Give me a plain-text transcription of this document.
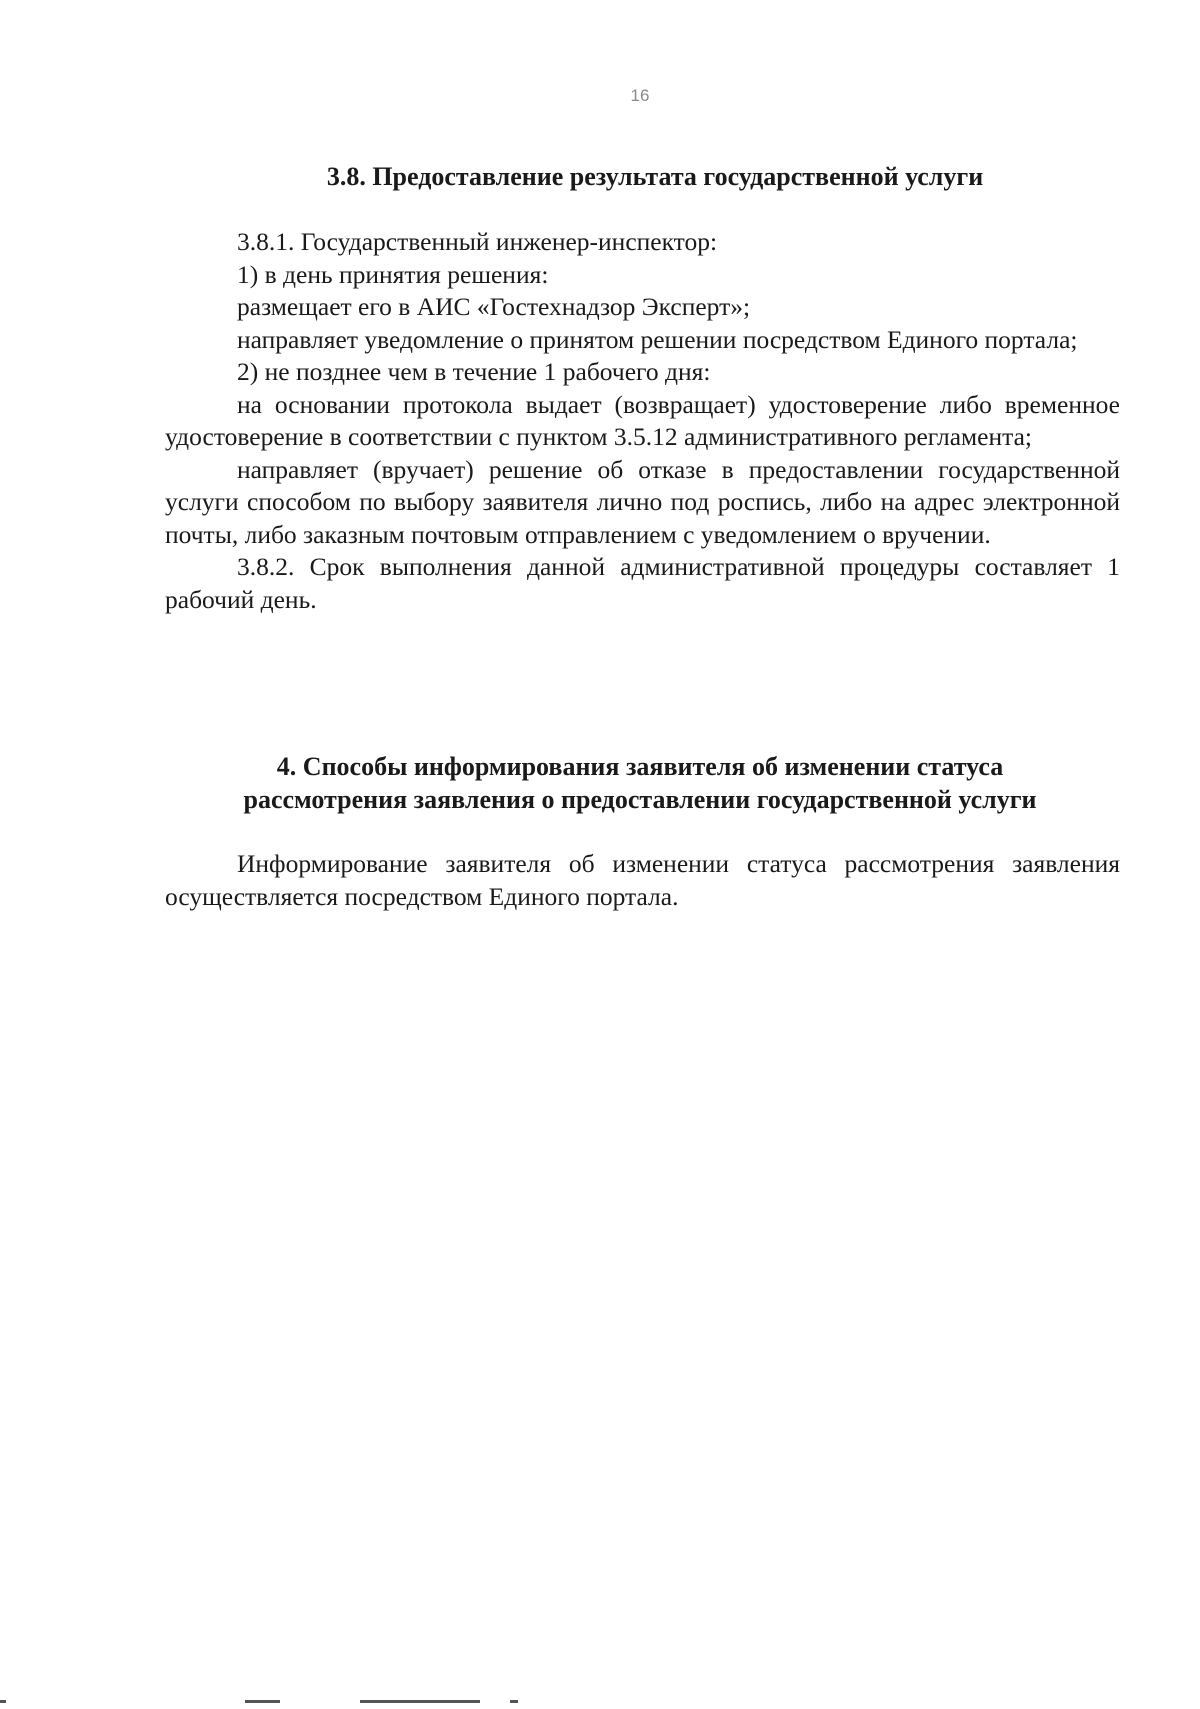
16
3.8. Предоставление результата государственной услуги

3.8.1. Государственный инженер-инспектор:

1) в день принятия решения:

размещает его в АИС «Гостехнадзор Эксперт»;

направляет уведомление о принятом решении посредством Единого портала;

2) не позднее чем в течение 1 рабочего дня:

на основании протокола выдает (возвращает) удостоверение либо временное удостоверение в соответствии с пунктом 3.5.12 административного регламента;

направляет (вручает) решение об отказе в предоставлении государственной услуги способом по выбору заявителя лично под роспись, либо на адрес электронной почты, либо заказным почтовым отправлением с уведомлением о вручении.

3.8.2. Срок выполнения данной административной процедуры составляет 1 рабочий день.

4. Способы информирования заявителя об изменении статуса
рассмотрения заявления о предоставлении государственной услуги

Информирование заявителя об изменении статуса рассмотрения заявления осуществляется посредством Единого портала.
